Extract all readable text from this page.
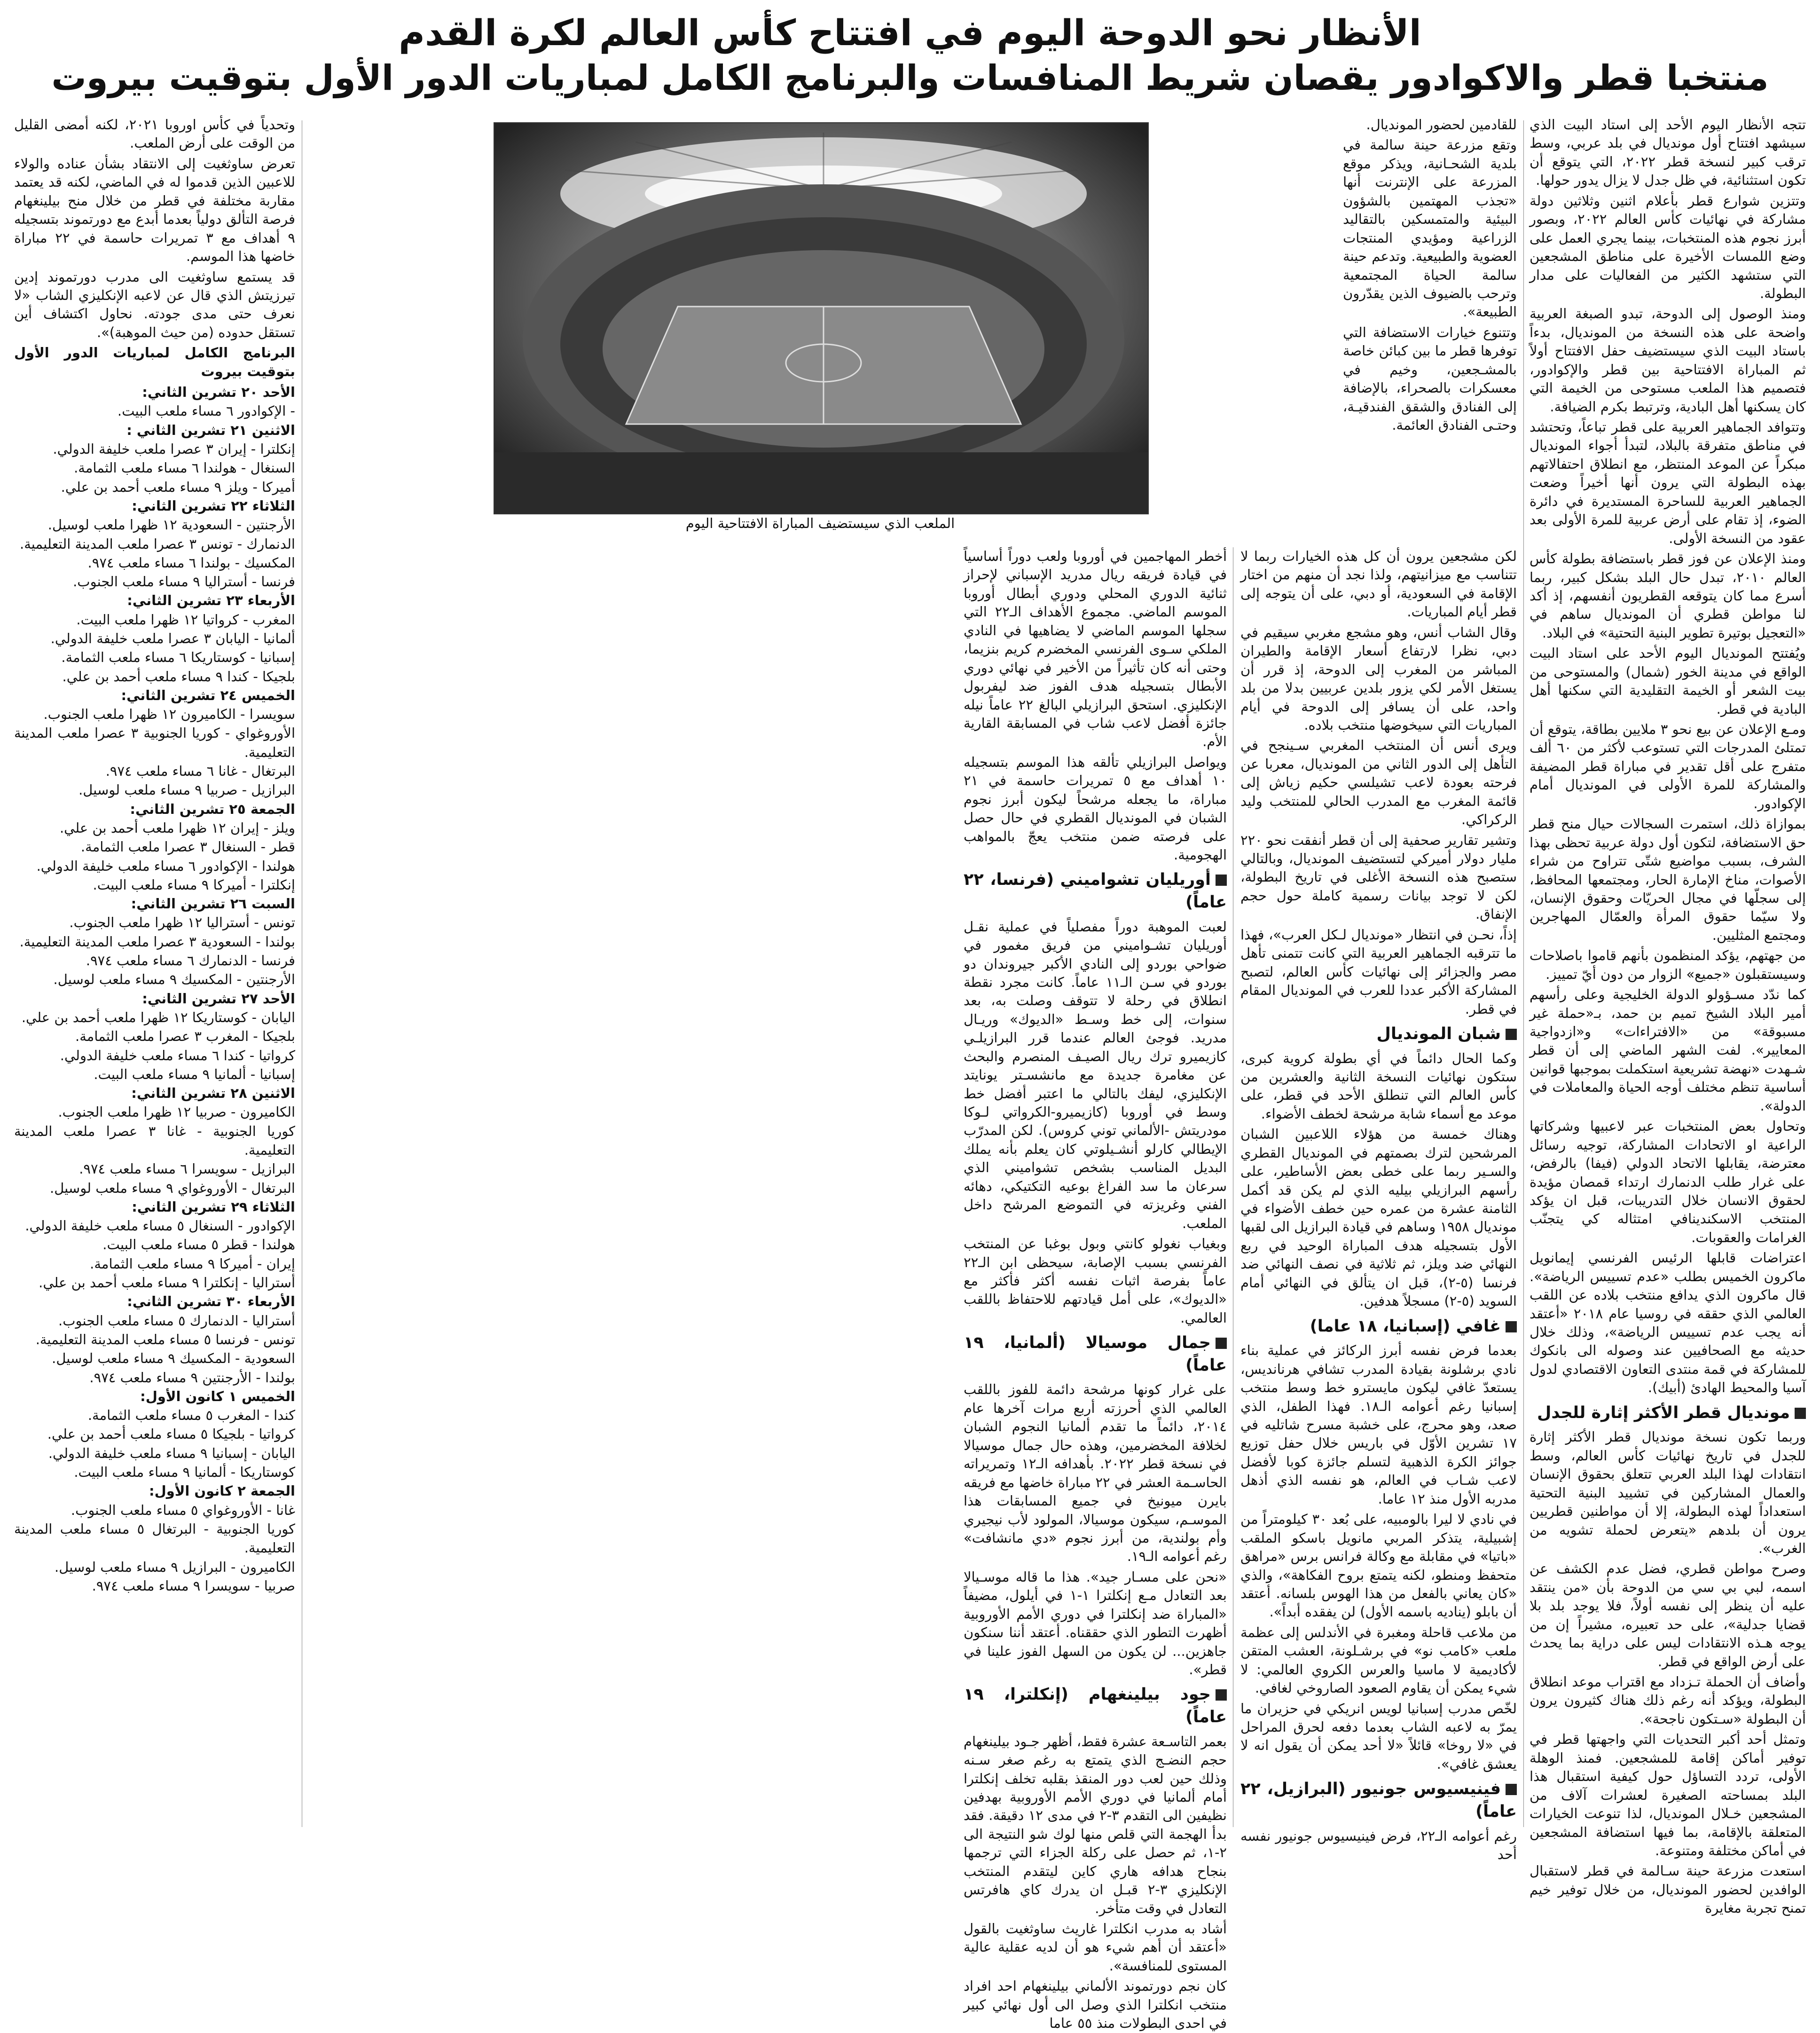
الأنظار نحو الدوحة اليوم في افتتاح كأس العالم لكرة القدم
منتخبا قطر والاكوادور يقصان شريط المنافسات والبرنامج الكامل لمباريات الدور الأول بتوقيت بيروت

تتجه الأنظار اليوم الأحد إلى استاد البيت الذي سيشهد افتتاح أول مونديال في بلد عربي، وسط ترقب كبير لنسخة قطر ٢٠٢٢، التي يتوقع أن تكون استثنائية، في ظل جدل لا يزال يدور حولها.

وتتزين شوارع قطر بأعلام اثنين وثلاثين دولة مشاركة في نهائيات كأس العالم ٢٠٢٢، وبصور أبرز نجوم هذه المنتخبات، بينما يجري العمل على وضع اللمسات الأخيرة على مناطق المشجعين التي ستشهد الكثير من الفعاليات على مدار البطولة.

ومنذ الوصول إلى الدوحة، تبدو الصبغة العربية واضحة على هذه النسخة من المونديال، بدءاً باستاد البيت الذي سيستضيف حفل الافتتاح أولاً ثم المباراة الافتتاحية بين قطر والإكوادور، فتصميم هذا الملعب مستوحى من الخيمة التي كان يسكنها أهل البادية، وترتبط بكرم الضيافة.

وتتوافد الجماهير العربية على قطر تباعاً، وتحتشد في مناطق متفرقة بالبلاد، لتبدأ أجواء المونديال مبكراً عن الموعد المنتظر، مع انطلاق احتفالاتهم بهذه البطولة التي يرون أنها أخيراً وضعت الجماهير العربية للساحرة المستديرة في دائرة الضوء، إذ تقام على أرض عربية للمرة الأولى بعد عقود من النسخة الأولى.

ومنذ الإعلان عن فوز قطر باستضافة بطولة كأس العالم ٢٠١٠، تبدل حال البلد بشكل كبير، ربما أسرع مما كان يتوقعه القطريون أنفسهم، إذ أكد لنا مواطن قطري أن المونديال ساهم في «التعجيل بوتيرة تطوير البنية التحتية» في البلاد.

ويُفتتح المونديال اليوم الأحد على استاد البيت الواقع في مدينة الخور (شمال) والمستوحى من بيت الشعر أو الخيمة التقليدية التي سكنها أهل البادية في قطر.

ومـع الإعلان عن بيع نحو ٣ ملايين بطاقة، يتوقع أن تمتلئ المدرجات التي تستوعب لأكثر من ٦٠ ألف متفرج على أقل تقدير في مباراة قطر المضيفة والمشاركة للمرة الأولى في المونديال أمام الإكوادور.

بموازاة ذلك، استمرت السجالات حيال منح قطر حق الاستضافة، لتكون أول دولة عربية تحظى بهذا الشرف، بسبب مواضيع شتّى تتراوح من شراء الأصوات، مناخ الإمارة الحار، ومجتمعها المحافظ، إلى سجلّها في مجال الحريّات وحقوق الإنسان، ولا سيّما حقوق المرأة والعمّال المهاجرين ومجتمع المثليين.

من جهتهم، يؤكد المنظمون بأنهم قاموا باصلاحات وسيستقبلون «جميع» الزوار من دون أيّ تمييز.

كما ندّد مسـؤولو الدولة الخليجية وعلى رأسهم أمير البلاد الشيخ تميم بن حمد، بـ«حملة غير مسبوقة» من «الافتراءات» و«ازدواجية المعايير». لفت الشهر الماضي إلى أن قطر شـهدت «نهضة تشريعية استكملت بموجبها قوانين أساسية تنظم مختلف أوجه الحياة والمعاملات في الدولة».

وتحاول بعض المنتخبات عبر لاعبيها وشركاتها الراعية او الاتحادات المشاركة، توجيه رسائل معترضة، يقابلها الاتحاد الدولي (فيفا) بالرفض، على غرار طلب الدنمارك ارتداء قمصان مؤيدة لحقوق الانسان خلال التدريبات، قبل ان يؤكد المنتخب الاسكندينافي امتثاله كي يتجنّب الغرامات والعقوبات.

اعتراضات قابلها الرئيس الفرنسي إيمانويل ماكرون الخميس بطلب «عدم تسييس الرياضة». قال ماكرون الذي يدافع منتخب بلاده عن اللقب العالمي الذي حققه في روسيا عام ٢٠١٨ «أعتقد أنه يجب عدم تسييس الرياضة»، وذلك خلال حديثه مع الصحافيين عند وصوله الى بانكوك للمشاركة في قمة منتدى التعاون الاقتصادي لدول آسيا والمحيط الهادئ (أبيك).

مونديال قطر الأكثر إثارة للجدل

وربما تكون نسخة مونديال قطر الأكثر إثارة للجدل في تاريخ نهائيات كأس العالم، وسط انتقادات لهذا البلد العربي تتعلق بحقوق الإنسان والعمال المشاركين في تشييد البنية التحتية استعداداً لهذه البطولة، إلا أن مواطنين قطريين يرون أن بلدهم «يتعرض لحملة تشويه من الغرب».

وصرح مواطن قطري، فضل عدم الكشف عن اسمه، لبي بي سي من الدوحة بأن «من ينتقد عليه أن ينظر إلى نفسه أولاً، فلا يوجد بلد بلا قضايا جدلية»، على حد تعبيره، مشيراً إن من يوجه هـذه الانتقادات ليس على دراية بما يحدث على أرض الواقع في قطر.

وأضاف أن الحملة تـزداد مع اقتراب موعد انطلاق البطولة، ويؤكد أنه رغم ذلك هناك كثيرون يرون أن البطولة «سـتكون ناجحة».

وتمثل أحد أكبر التحديات التي واجهتها قطر في توفير أماكن إقامة للمشجعين. فمنذ الوهلة الأولى، تردد التساؤل حول كيفية استقبال هذا البلد بمساحته الصغيرة لعشرات آلاف من المشجعين خـلال المونديال، لذا تنوعت الخيارات المتعلقة بالإقامة، بما فيها استضافة المشجعين في أماكن مختلفة ومتنوعة.

استعدت مزرعة حينة سـالمة في قطر لاستقبال الوافدين لحضور المونديال، من خلال توفير خيم تمنح تجربة مغايرة

للقادمين لحضور المونديال.

وتقع مزرعة حينة سالمة في بلدية الشحـانية، ويذكر موقع المزرعة على الإنترنت أنها «تجذب المهتمين بالشؤون البيئية والمتمسكين بالتقاليد الزراعية ومؤيدي المنتجات العضوية والطبيعية. وتدعم حينة سالمة الحياة المجتمعية وترحب بالضيوف الذين يقدّرون الطبيعة».

وتتنوع خيارات الاستضافة التي توفرها قطر ما بين كبائن خاصة بالمشـجعين، وخيم في معسكرات بالصحراء، بالإضافة إلى الفنادق والشقق الفندقيـة، وحتـى الفنادق العائمة.

الملعب الذي سيستضيف المباراة الافتتاحية اليوم

لكن مشجعين يرون أن كل هذه الخيارات ربما لا تتناسب مع ميزانيتهم، ولذا نجد أن منهم من اختار الإقامة في السعودية، أو دبي، على أن يتوجه إلى قطر أيام المباريات.

وقال الشاب أنس، وهو مشجع مغربي سيقيم في دبي، نظرا لارتفاع أسعار الإقامة والطيران المباشر من المغرب إلى الدوحة، إذ قرر أن يستغل الأمر لكي يزور بلدين عربيين بدلا من بلد واحد، على أن يسافر إلى الدوحة في أيام المباريات التي سيخوضها منتخب بلاده.

ويرى أنس أن المنتخب المغربي سـينجح في التأهل إلى الدور الثاني من المونديال، معربا عن فرحته بعودة لاعب تشيلسي حكيم زياش إلى قائمة المغرب مع المدرب الحالي للمنتخب وليد الركراكي.

وتشير تقارير صحفية إلى أن قطر أنفقت نحو ٢٢٠ مليار دولار أميركي لتستضيف المونديال، وبالتالي ستصبح هذه النسخة الأغلى في تاريخ البطولة، لكن لا توجد بيانات رسمية كاملة حول حجم الإنفاق.

إذاً، نحـن في انتظار «مونديال لـكل العرب»، فهذا ما تترقبه الجماهير العربية التي كانت تتمنى تأهل مصر والجزائر إلى نهائيات كأس العالم، لتصبح المشاركة الأكبر عددا للعرب في المونديال المقام في قطر.

شبان المونديال

وكما الحال دائماً في أي بطولة كروية كبرى، ستكون نهائيات النسخة الثانية والعشرين من كأس العالم التي تنطلق الأحد في قطر، على موعد مع أسماء شابة مرشحة لخطف الأضواء.

وهناك خمسة من هؤلاء اللاعبين الشبان المرشحين لترك بصمتهم في المونديال القطري والسـير ربما على خطى بعض الأساطير، على رأسهم البرازيلي بيليه الذي لم يكن قد أكمل الثامنة عشرة من عمره حين خطف الأضواء في مونديال ١٩٥٨ وساهم في قيادة البرازيل الى لقبها الأول بتسجيله هدف المباراة الوحيد في ربع النهائي ضد ويلز، ثم ثلاثية في نصف النهائي ضد فرنسا (٥-٢)، قبل ان يتألق في النهائي أمام السويد (٥-٢) مسجلاً هدفين.

غافي (إسبانيا، ١٨ عاما)

بعدما فرض نفسه أبرز الركائز في عملية بناء نادي برشلونة بقيادة المدرب تشافي هرنانديس، يستعدّ غافي ليكون مايسترو خط وسط منتخب إسبانيا رغم أعوامه الـ١٨. فهذا الطفل، الذي صعد، وهو محرج، على خشبة مسرح شاتليه في ١٧ تشرين الأوّل في باريس خلال حفل توزيع جوائز الكرة الذهبية لتسلم جائزة كوبا لأفضل لاعب شـاب في العالم، هو نفسه الذي أذهل مدربه الأول منذ ١٢ عاما.

في نادي لا ليرا بالومبيه، على بُعد ٣٠ كيلومتراً من إشبيلية، يتذكر المربي مانويل باسكو الملقب «باتيا» في مقابلة مع وكالة فرانس برس «مراهق متحفظ ومنطو، لكنه يتمتع بروح الفكاهة»، والذي «كان يعاني بالفعل من هذا الهوس بلسانه. أعتقد أن بابلو (يناديه باسمه الأول) لن يفقده أبداً».

من ملاعب قاحلة ومغبرة في الأندلس إلى عظمة ملعب «كامب نو» في برشـلونة، العشب المتقن لأكاديمية لا ماسيا والعرس الكروي العالمي: لا شيء يمكن أن يقاوم الصعود الصاروخي لغافي.

لخّص مدرب إسبانيا لويس انريكي في حزيران ما يمرّ به لاعبه الشاب بعدما دفعه لحرق المراحل في «لا روخا» قائلاً «لا أحد يمكن أن يقول انه لا يعشق غافي».

فينيسيوس جونيور (البرازيل، ٢٢ عاماً)

رغم أعوامه الـ٢٢، فرض فينيسيوس جونيور نفسه أحد

أخطر المهاجمين في أوروبا ولعب دوراً أساسياً في قيادة فريقه ريال مدريد الإسباني لإحراز ثنائية الدوري المحلي ودوري أبطال أوروبا الموسم الماضي. مجموع الأهداف الـ٢٢ التي سجلها الموسم الماضي لا يضاهيها في النادي الملكي سـوى الفرنسي المخضرم كريم بنزيما، وحتى أنه كان تأثيراً من الأخير في نهائي دوري الأبطال بتسجيله هدف الفوز ضد ليفربول الإنكليزي. استحق البرازيلي البالغ ٢٢ عاماً نيله جائزة أفضل لاعب شاب في المسابقة القارية الأم.

ويواصل البرازيلي تألقه هذا الموسم بتسجيله ١٠ أهداف مع ٥ تمريرات حاسمة في ٢١ مباراة، ما يجعله مرشحاً ليكون أبرز نجوم الشبان في المونديال القطري في حال حصل على فرصته ضمن منتخب يعجّ بالمواهب الهجومية.

أوريليان تشواميني (فرنسا، ٢٢ عاماً)

لعبت الموهبة دوراً مفصلياً في عملية نقـل أوريليان تشـواميني من فريق مغمور في ضواحي بوردو إلى النادي الأكبر جيروندان دو بوردو في سـن الـ١١ عاماً. كانت مجرد نقطة انطلاق في رحلة لا تتوقف وصلت به، بعد سنوات، إلى خط وسـط «الديوك» وريـال مدريد. فوجئ العالم عندما قرر البرازيلـي كازيميرو ترك ريال الصيـف المنصرم والبحث عن مغامرة جديدة مع مانشسـتر يونايتد الإنكليزي، ليفك بالتالي ما اعتبر أفضل خط وسط في أوروبا (كازيميرو-الكرواتي لـوكا مودريتش -الألماني توني كروس). لكن المدرّب الإيطالي كارلو أنشـيلوتي كان يعلم بأنه يملك البديل المناسب بشخص تشواميني الذي سرعان ما سد الفراغ بوعيه التكتيكي، دهائه الفني وغريزته في التموضع المرشح داخل الملعب.

وبغياب نغولو كانتي وبول بوغبا عن المنتخب الفرنسي بسبب الإصابة، سيحظى ابن الـ٢٢ عاماً بفرصة اثبات نفسه أكثر فأكثر مع «الديوك»، على أمل قيادتهم للاحتفاظ باللقب العالمي.

جمال موسيالا (ألمانيا، ١٩ عاماً)

على غرار كونها مرشحة دائمة للفوز باللقب العالمي الذي أحرزته أربع مرات آخرها عام ٢٠١٤، دائماً ما تقدم ألمانيا النجوم الشبان لخلافة المخضرمين، وهذه حال جمال موسيالا في نسخة قطر ٢٠٢٢. بأهدافه الـ١٢ وتمريراته الحاسـمة العشر في ٢٢ مباراة خاضها مع فريقه بايرن ميونيخ في جميع المسابقات هذا الموسـم، سيكون موسيالا، المولود لأب نيجيري وأم بولندية، من أبرز نجوم «دي مانشافت» رغم أعوامه الـ١٩.

«نحن على مسـار جيد». هذا ما قاله موسـيالا بعد التعادل مـع إنكلترا ١-١ في أيلول، مضيفاً «المباراة ضد إنكلترا في دوري الأمم الأوروبية أظهرت التطور الذي حققناه. أعتقد أننا سنكون جاهزين... لن يكون من السهل الفوز علينا في قطر».

جود بيلينغهام (إنكلترا، ١٩ عاماً)

بعمر التاسـعة عشرة فقط، أظهر جـود بيلينغهام حجم النضـج الذي يتمتع به رغم صغر سـنه وذلك حين لعب دور المنقذ بقلبه تخلف إنكلترا أمام ألمانيا في دوري الأمم الأوروبية بهدفين نظيفين الى التقدم ٣-٢ في مدى ١٢ دقيقة. فقد بدأ الهجمة التي قلص منها لوك شو النتيجة الى ٢-١، ثم حصل على ركلة الجزاء التي ترجمها بنجاح هدافه هاري كاين ليتقدم المنتخب الإنكليزي ٣-٢ قبـل ان يدرك كاي هافرتس التعادل في وقت متأخر.

أشاد به مدرب انكلترا غاريث ساوثغيت بالقول «أعتقد أن أهم شيء هو أن لديه عقلية عالية المستوى للمنافسة».

كان نجم دورتموند الألماني بيلينغهام احد افراد منتخب انكلترا الذي وصل الى أول نهائي كبير في احدى البطولات منذ ٥٥ عاما

وتحدياً في كأس اوروبا ٢٠٢١، لكنه أمضى القليل من الوقت على أرض الملعب.

تعرض ساوثغيت إلى الانتقاد بشأن عناده والولاء للاعبين الذين قدموا له في الماضي، لكنه قد يعتمد مقاربة مختلفة في قطر من خلال منح بيلينغهام فرصة التألق دولياً بعدما أبدع مع دورتموند بتسجيله ٩ أهداف مع ٣ تمريرات حاسمة في ٢٢ مباراة خاضها هذا الموسم.

قد يستمع ساوثغيت الى مدرب دورتموند إدين تيرزيتش الذي قال عن لاعبه الإنكليزي الشاب «لا نعرف حتى مدى جودته. نحاول اكتشاف أين تستقل حدوده (من حيث الموهبة)».

البرنامج الكامل لمباريات الدور الأول بتوقيت بيروت

الأحد ٢٠ تشرين الثاني:

- الإكوادور ٦ مساء ملعب البيت.

الاثنين ٢١ تشرين الثاني :

إنكلترا - إيران ٣ عصرا ملعب خليفة الدولي.

السنغال - هولندا ٦ مساء ملعب الثمامة.

أميركا - ويلز ٩ مساء ملعب أحمد بن علي.

الثلاثاء ٢٢ تشرين الثاني:

الأرجنتين - السعودية ١٢ ظهرا ملعب لوسيل.

الدنمارك - تونس ٣ عصرا ملعب المدينة التعليمية.

المكسيك - بولندا ٦ مساء ملعب ٩٧٤.

فرنسا - أستراليا ٩ مساء ملعب الجنوب.

الأربعاء ٢٣ تشرين الثاني:

المغرب - كرواتيا ١٢ ظهرا ملعب البيت.

ألمانيا - اليابان ٣ عصرا ملعب خليفة الدولي.

إسبانيا - كوستاريكا ٦ مساء ملعب الثمامة.

بلجيكا - كندا ٩ مساء ملعب أحمد بن علي.

الخميس ٢٤ تشرين الثاني:

سويسرا - الكاميرون ١٢ ظهرا ملعب الجنوب.

الأوروغواي - كوريا الجنوبية ٣ عصرا ملعب المدينة التعليمية.

البرتغال - غانا ٦ مساء ملعب ٩٧٤.

البرازيل - صربيا ٩ مساء ملعب لوسيل.

الجمعة ٢٥ تشرين الثاني:

ويلز - إيران ١٢ ظهرا ملعب أحمد بن علي.

قطر - السنغال ٣ عصرا ملعب الثمامة.

هولندا - الإكوادور ٦ مساء ملعب خليفة الدولي.

إنكلترا - أميركا ٩ مساء ملعب البيت.

السبت ٢٦ تشرين الثاني:

تونس - أستراليا ١٢ ظهرا ملعب الجنوب.

بولندا - السعودية ٣ عصرا ملعب المدينة التعليمية.

فرنسا - الدنمارك ٦ مساء ملعب ٩٧٤.

الأرجنتين - المكسيك ٩ مساء ملعب لوسيل.

الأحد ٢٧ تشرين الثاني:

اليابان - كوستاريكا ١٢ ظهرا ملعب أحمد بن علي.

بلجيكا - المغرب ٣ عصرا ملعب الثمامة.

كرواتيا - كندا ٦ مساء ملعب خليفة الدولي.

إسبانيا - ألمانيا ٩ مساء ملعب البيت.

الاثنين ٢٨ تشرين الثاني:

الكاميرون - صربيا ١٢ ظهرا ملعب الجنوب.

كوريا الجنوبية - غانا ٣ عصرا ملعب المدينة التعليمية.

البرازيل - سويسرا ٦ مساء ملعب ٩٧٤.

البرتغال - الأوروغواي ٩ مساء ملعب لوسيل.

الثلاثاء ٢٩ تشرين الثاني:

الإكوادور - السنغال ٥ مساء ملعب خليفة الدولي.

هولندا - قطر ٥ مساء ملعب البيت.

إيران - أميركا ٩ مساء ملعب الثمامة.

أستراليا - إنكلترا ٩ مساء ملعب أحمد بن علي.

الأربعاء ٣٠ تشرين الثاني:

أستراليا - الدنمارك ٥ مساء ملعب الجنوب.

تونس - فرنسا ٥ مساء ملعب المدينة التعليمية.

السعودية - المكسيك ٩ مساء ملعب لوسيل.

بولندا - الأرجنتين ٩ مساء ملعب ٩٧٤.

الخميس ١ كانون الأول:

كندا - المغرب ٥ مساء ملعب الثمامة.

كرواتيا - بلجيكا ٥ مساء ملعب أحمد بن علي.

اليابان - إسبانيا ٩ مساء ملعب خليفة الدولي.

كوستاريكا - ألمانيا ٩ مساء ملعب البيت.

الجمعة ٢ كانون الأول:

غانا - الأوروغواي ٥ مساء ملعب الجنوب.

كوريا الجنوبية - البرتغال ٥ مساء ملعب المدينة التعليمية.

الكاميرون - البرازيل ٩ مساء ملعب لوسيل.

صربيا - سويسرا ٩ مساء ملعب ٩٧٤.
